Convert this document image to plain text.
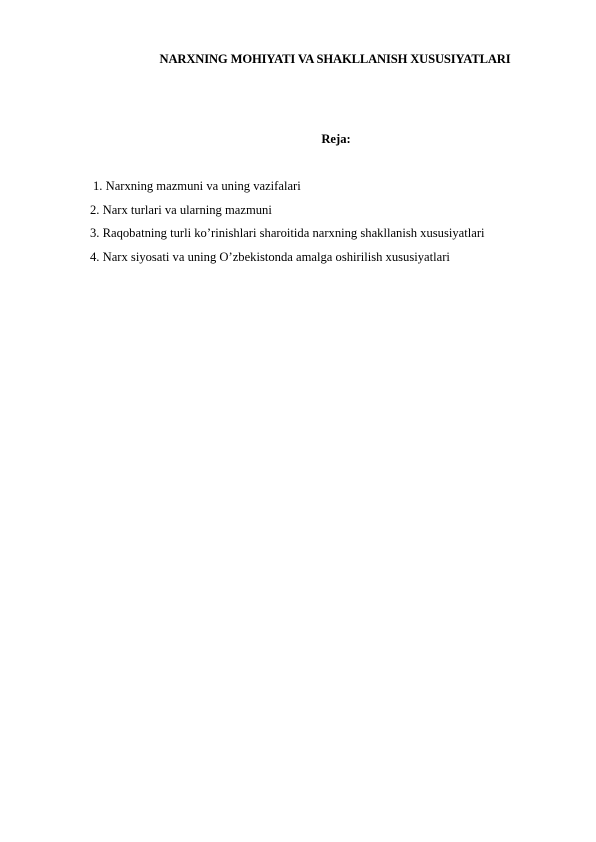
NARXNING MOHIYATI VA SHAKLLANISH XUSUSIYATLARI
Reja:
1. Narxning mazmuni va uning vazifalari
2. Narx turlari va ularning mazmuni
3. Raqobatning turli ko’rinishlari sharoitida narxning shakllanish xususiyatlari
4. Narx siyosati va uning O’zbekistonda amalga oshirilish xususiyatlari
